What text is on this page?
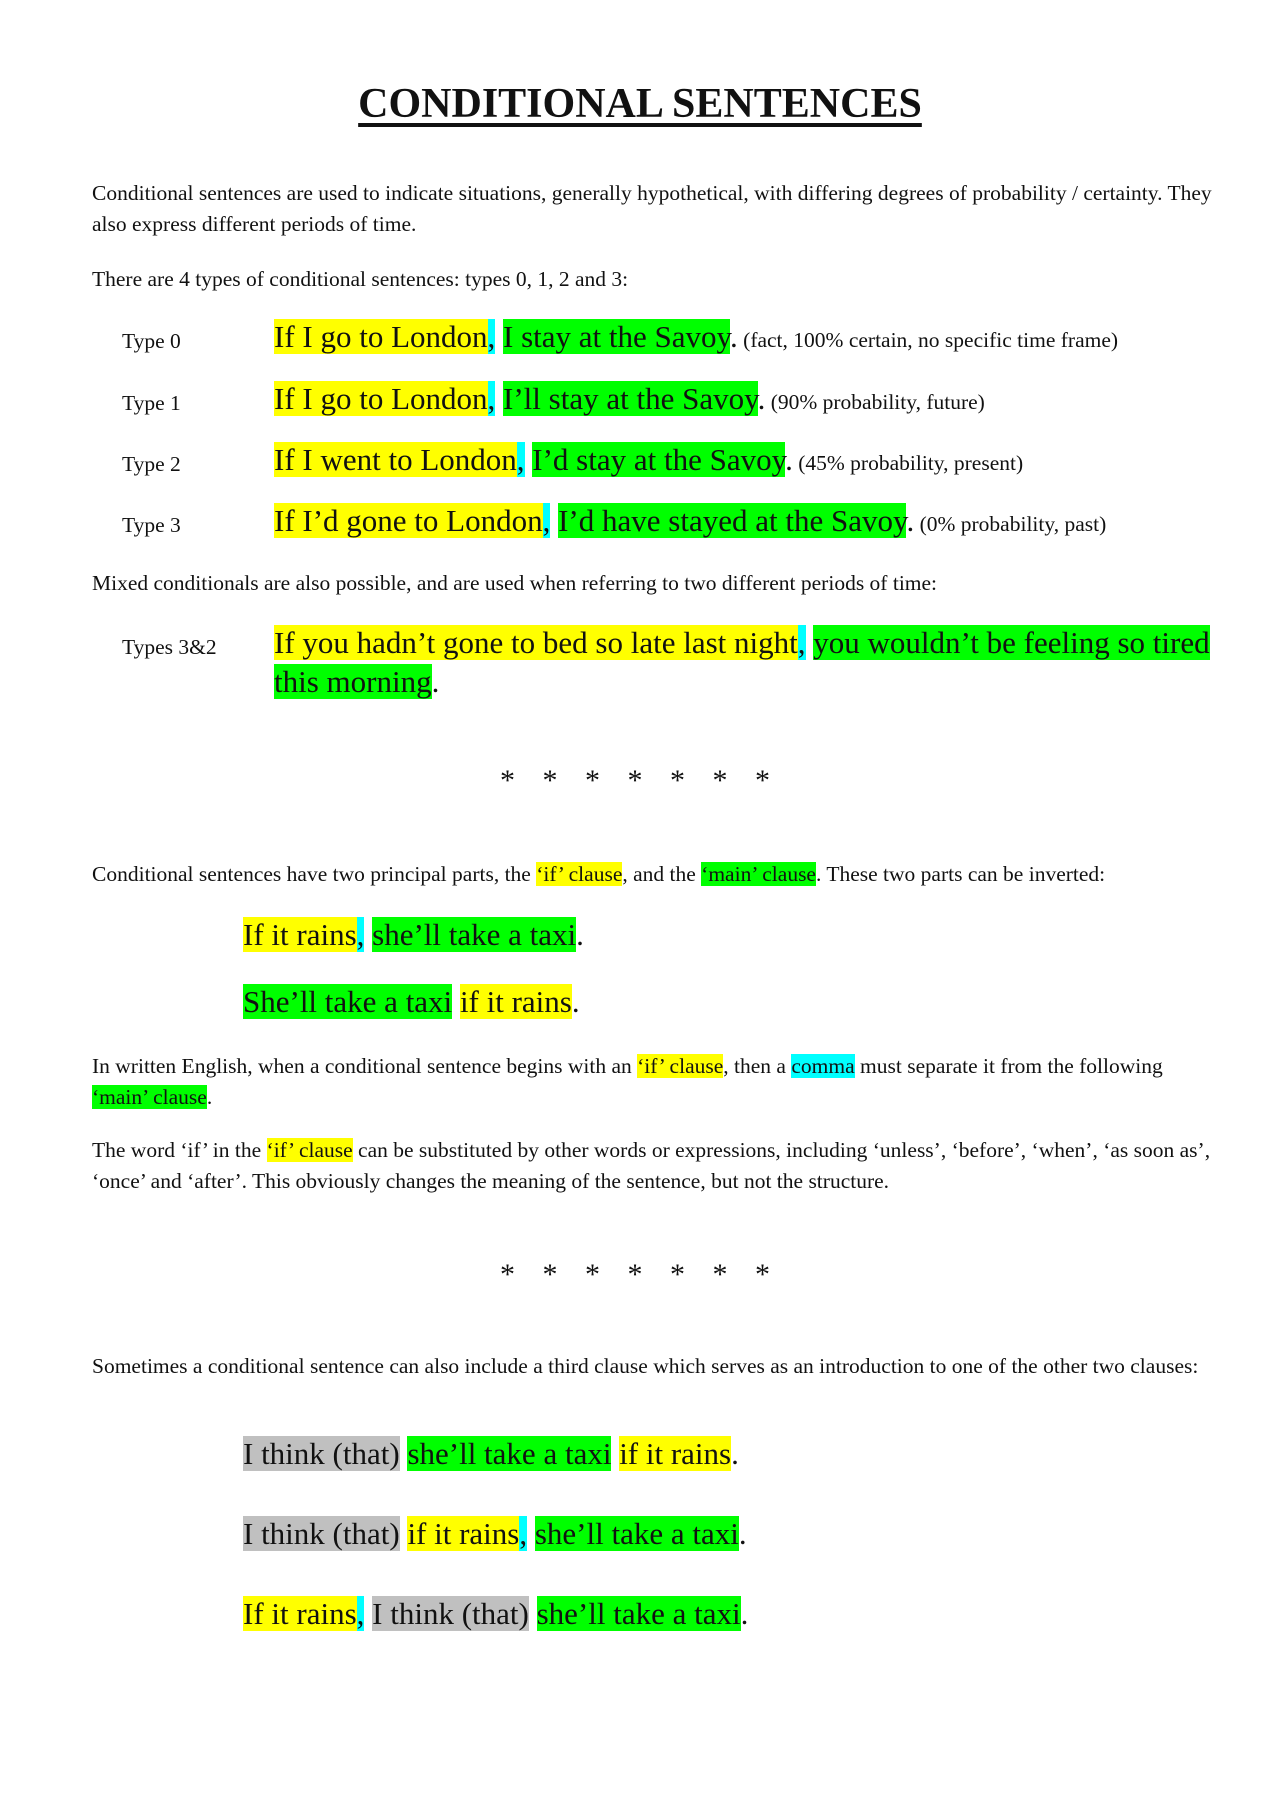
CONDITIONAL SENTENCES
Conditional sentences are used to indicate situations, generally hypothetical, with differing degrees of probability / certainty. They also express different periods of time.
There are 4 types of conditional sentences: types 0, 1, 2 and 3:
Type 0	If I go to London, I stay at the Savoy. (fact, 100% certain, no specific time frame)
Type 1	If I go to London, I’ll stay at the Savoy. (90% probability, future)
Type 2	If I went to London, I’d stay at the Savoy. (45% probability, present)
Type 3	If I’d gone to London, I’d have stayed at the Savoy. (0% probability, past)
Mixed conditionals are also possible, and are used when referring to two different periods of time:
Types 3&2 If you hadn’t gone to bed so late last night, you wouldn’t be feeling so tired this morning.
* * * * * * *
Conditional sentences have two principal parts, the ‘if’ clause, and the ‘main’ clause. These two parts can be inverted:
If it rains, she’ll take a taxi.
She’ll take a taxi if it rains.
In written English, when a conditional sentence begins with an ‘if’ clause, then a comma must separate it from the following ‘main’ clause.
The word ‘if’ in the ‘if’ clause can be substituted by other words or expressions, including ‘unless’, ‘before’, ‘when’, ‘as soon as’, ‘once’ and ‘after’. This obviously changes the meaning of the sentence, but not the structure.
* * * * * * *
Sometimes a conditional sentence can also include a third clause which serves as an introduction to one of the other two clauses:
I think (that) she’ll take a taxi if it rains.
I think (that) if it rains, she’ll take a taxi.
If it rains, I think (that) she’ll take a taxi.
